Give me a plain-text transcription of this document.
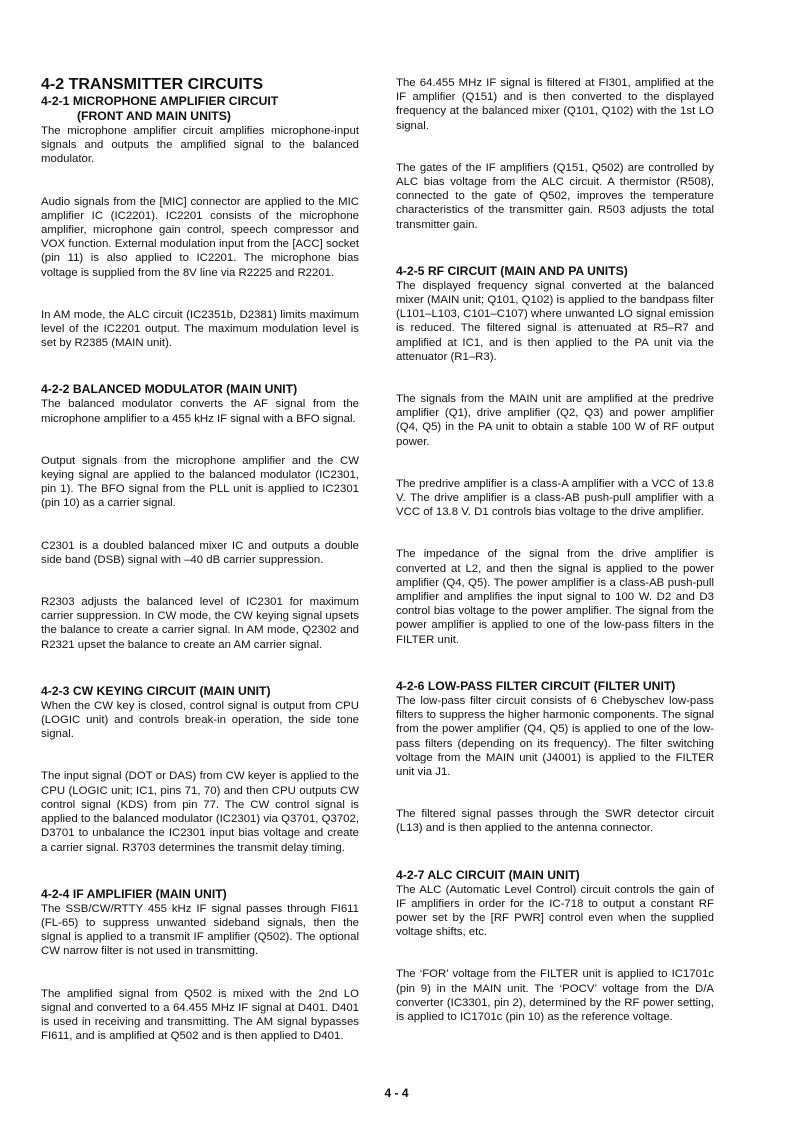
4-2 TRANSMITTER CIRCUITS
4-2-1 MICROPHONE AMPLIFIER CIRCUIT
(FRONT AND MAIN UNITS)

The microphone amplifier circuit amplifies microphone-input signals and outputs the amplified signal to the balanced modulator.

Audio signals from the [MIC] connector are applied to the MIC amplifier IC (IC2201). IC2201 consists of the microphone amplifier, microphone gain control, speech compressor and VOX function. External modulation input from the [ACC] socket (pin 11) is also applied to IC2201. The microphone bias voltage is supplied from the 8V line via R2225 and R2201.

In AM mode, the ALC circuit (IC2351b, D2381) limits maximum level of the IC2201 output. The maximum modulation level is set by R2385 (MAIN unit).

4-2-2 BALANCED MODULATOR (MAIN UNIT)

The balanced modulator converts the AF signal from the microphone amplifier to a 455 kHz IF signal with a BFO signal.

Output signals from the microphone amplifier and the CW keying signal are applied to the balanced modulator (IC2301, pin 1). The BFO signal from the PLL unit is applied to IC2301 (pin 10) as a carrier signal.

C2301 is a doubled balanced mixer IC and outputs a double side band (DSB) signal with –40 dB carrier suppression.

R2303 adjusts the balanced level of IC2301 for maximum carrier suppression. In CW mode, the CW keying signal upsets the balance to create a carrier signal. In AM mode, Q2302 and R2321 upset the balance to create an AM carrier signal.

4-2-3 CW KEYING CIRCUIT (MAIN UNIT)

When the CW key is closed, control signal is output from CPU (LOGIC unit) and controls break-in operation, the side tone signal.

The input signal (DOT or DAS) from CW keyer is applied to the CPU (LOGIC unit; IC1, pins 71, 70) and then CPU outputs CW control signal (KDS) from pin 77. The CW control signal is applied to the balanced modulator (IC2301) via Q3701, Q3702, D3701 to unbalance the IC2301 input bias voltage and create a carrier signal. R3703 determines the transmit delay timing.

4-2-4 IF AMPLIFIER (MAIN UNIT)

The SSB/CW/RTTY 455 kHz IF signal passes through FI611 (FL-65) to suppress unwanted sideband signals, then the signal is applied to a transmit IF amplifier (Q502). The optional CW narrow filter is not used in transmitting.

The amplified signal from Q502 is mixed with the 2nd LO signal and converted to a 64.455 MHz IF signal at D401. D401 is used in receiving and transmitting. The AM signal bypasses FI611, and is amplified at Q502 and is then applied to D401.

The 64.455 MHz IF signal is filtered at FI301, amplified at the IF amplifier (Q151) and is then converted to the displayed frequency at the balanced mixer (Q101, Q102) with the 1st LO signal.

The gates of the IF amplifiers (Q151, Q502) are controlled by ALC bias voltage from the ALC circuit. A thermistor (R508), connected to the gate of Q502, improves the temperature characteristics of the transmitter gain. R503 adjusts the total transmitter gain.

4-2-5 RF CIRCUIT (MAIN AND PA UNITS)

The displayed frequency signal converted at the balanced mixer (MAIN unit; Q101, Q102) is applied to the bandpass filter (L101–L103, C101–C107) where unwanted LO signal emission is reduced. The filtered signal is attenuated at R5–R7 and amplified at IC1, and is then applied to the PA unit via the attenuator (R1–R3).

The signals from the MAIN unit are amplified at the predrive amplifier (Q1), drive amplifier (Q2, Q3) and power amplifier (Q4, Q5) in the PA unit to obtain a stable 100 W of RF output power.

The predrive amplifier is a class-A amplifier with a VCC of 13.8 V. The drive amplifier is a class-AB push-pull amplifier with a VCC of 13.8 V. D1 controls bias voltage to the drive amplifier.

The impedance of the signal from the drive amplifier is converted at L2, and then the signal is applied to the power amplifier (Q4, Q5). The power amplifier is a class-AB push-pull amplifier and amplifies the input signal to 100 W. D2 and D3 control bias voltage to the power amplifier. The signal from the power amplifier is applied to one of the low-pass filters in the FILTER unit.

4-2-6 LOW-PASS FILTER CIRCUIT (FILTER UNIT)

The low-pass filter circuit consists of 6 Chebyschev low-pass filters to suppress the higher harmonic components. The signal from the power amplifier (Q4, Q5) is applied to one of the low-pass filters (depending on its frequency). The filter switching voltage from the MAIN unit (J4001) is applied to the FILTER unit via J1.

The filtered signal passes through the SWR detector circuit (L13) and is then applied to the antenna connector.

4-2-7 ALC CIRCUIT (MAIN UNIT)

The ALC (Automatic Level Control) circuit controls the gain of IF amplifiers in order for the IC-718 to output a constant RF power set by the [RF PWR] control even when the supplied voltage shifts, etc.

The ‘FOR’ voltage from the FILTER unit is applied to IC1701c (pin 9) in the MAIN unit. The ‘POCV’ voltage from the D/A converter (IC3301, pin 2), determined by the RF power setting, is applied to IC1701c (pin 10) as the reference voltage.

4 - 4
